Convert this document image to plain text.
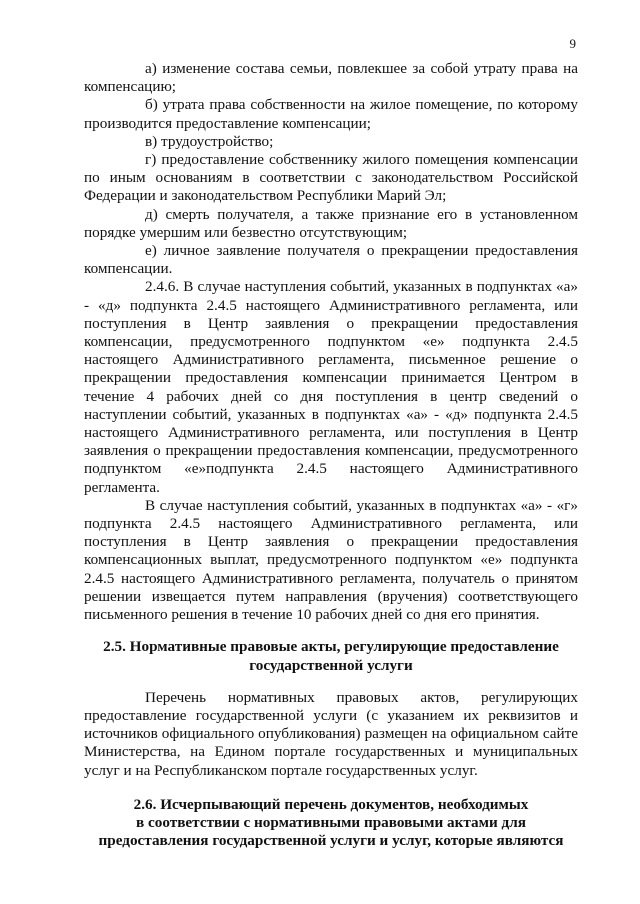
9

а) изменение состава семьи, повлекшее за собой утрату права на компенсацию;

б) утрата права собственности на жилое помещение, по которому производится предоставление компенсации;

в) трудоустройство;

г) предоставление собственнику жилого помещения компенсации по иным основаниям в соответствии с законодательством Российской Федерации и законодательством Республики Марий Эл;

д) смерть получателя, а также признание его в установленном порядке умершим или безвестно отсутствующим;

е) личное заявление получателя о прекращении предоставления компенсации.

2.4.6. В случае наступления событий, указанных в подпунктах «а» - «д» подпункта 2.4.5 настоящего Административного регламента, или поступления в Центр заявления о прекращении предоставления компенсации, предусмотренного подпунктом «е» подпункта 2.4.5 настоящего Административного регламента, письменное решение о прекращении предоставления компенсации принимается Центром в течение 4 рабочих дней со дня поступления в центр сведений о наступлении событий, указанных в подпунктах «а» - «д» подпункта 2.4.5 настоящего Административного регламента, или поступления в Центр заявления о прекращении предоставления компенсации, предусмотренного подпунктом «е»подпункта 2.4.5 настоящего Административного регламента.

В случае наступления событий, указанных в подпунктах «а» - «г» подпункта 2.4.5 настоящего Административного регламента, или поступления в Центр заявления о прекращении предоставления компенсационных выплат, предусмотренного подпунктом «е» подпункта 2.4.5 настоящего Административного регламента, получатель о принятом решении извещается путем направления (вручения) соответствующего письменного решения в течение 10 рабочих дней со дня его принятия.

2.5. Нормативные правовые акты, регулирующие предоставление
государственной услуги

Перечень нормативных правовых актов, регулирующих предоставление государственной услуги (с указанием их реквизитов и источников официального опубликования) размещен на официальном сайте Министерства, на Едином портале государственных и муниципальных услуг и на Республиканском портале государственных услуг.

2.6. Исчерпывающий перечень документов, необходимых
в соответствии с нормативными правовыми актами для
предоставления государственной услуги и услуг, которые являются
